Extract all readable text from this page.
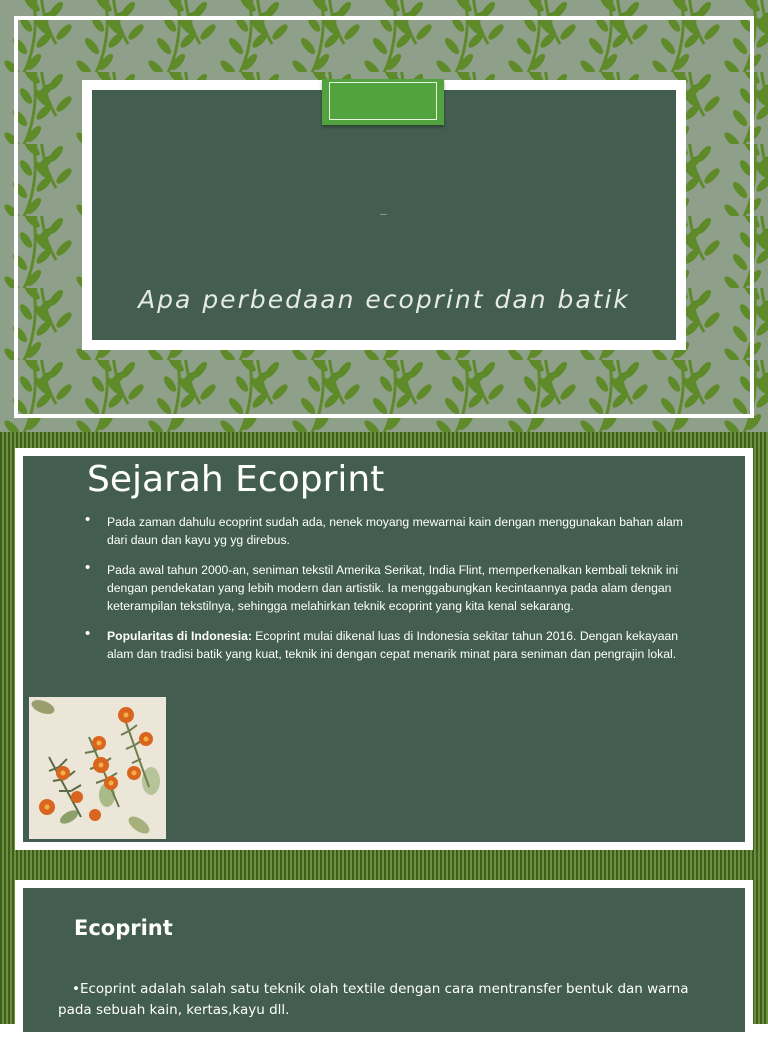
—
Apa perbedaan ecoprint dan batik
Sejarah Ecoprint
• Pada zaman dahulu ecoprint sudah ada, nenek moyang mewarnai kain dengan menggunakan bahan alam dari daun dan kayu yg yg direbus.
• Pada awal tahun 2000-an, seniman tekstil Amerika Serikat, India Flint, memperkenalkan kembali teknik ini dengan pendekatan yang lebih modern dan artistik. Ia menggabungkan kecintaannya pada alam dengan keterampilan tekstilnya, sehingga melahirkan teknik ecoprint yang kita kenal sekarang.
• Popularitas di Indonesia: Ecoprint mulai dikenal luas di Indonesia sekitar tahun 2016. Dengan kekayaan alam dan tradisi batik yang kuat, teknik ini dengan cepat menarik minat para seniman dan pengrajin lokal.
Ecoprint

•Ecoprint adalah salah satu teknik olah textile dengan cara mentransfer bentuk dan warna pada sebuah kain, kertas,kayu dll.
